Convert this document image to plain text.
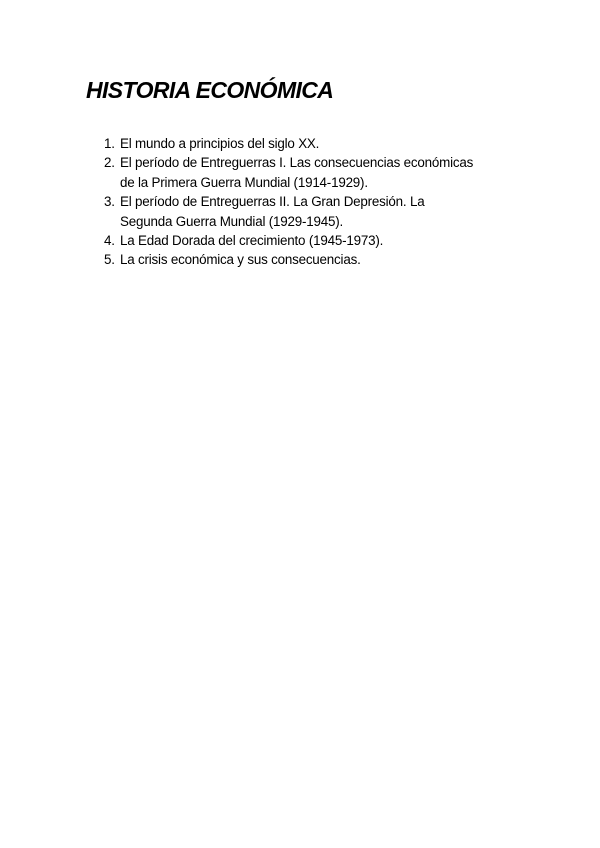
HISTORIA ECONÓMICA
1. El mundo a principios del siglo XX.
2. El período de Entreguerras I. Las consecuencias económicas
de la Primera Guerra Mundial (1914-1929).
3. El período de Entreguerras II. La Gran Depresión. La
Segunda Guerra Mundial (1929-1945).
4. La Edad Dorada del crecimiento (1945-1973).
5. La crisis económica y sus consecuencias.
